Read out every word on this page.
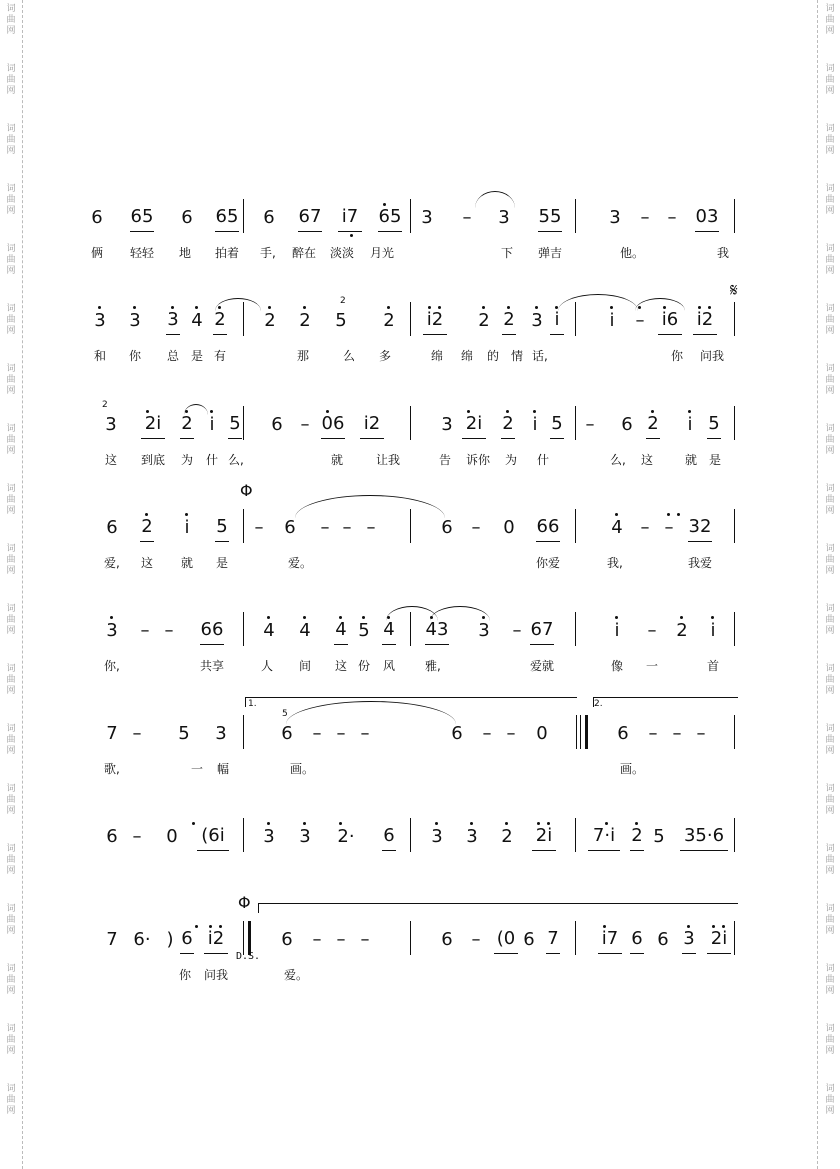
词
曲
网
词
曲
网
词
曲
网
词
曲
网
词
曲
网
词
曲
网
词
曲
网
词
曲
网
词
曲
网
词
曲
网
词
曲
网
词
曲
网
词
曲
网
词
曲
网
词
曲
网
词
曲
网
词
曲
网
词
曲
网
词
曲
网
词
曲
网
词
曲
网
词
曲
网
词
曲
网
词
曲
网
词
曲
网
词
曲
网
词
曲
网
词
曲
网
词
曲
网
词
曲
网
词
曲
网
词
曲
网
词
曲
网
词
曲
网
词
曲
网
词
曲
网
词
曲
网
词
曲
网
6 65 6 65 6 67 i7 65 3 – 3 55	3 – – 03
俩 轻轻 地 拍着 手, 醉在 淡淡 月光	下 弹吉	他。	我
3 3 3 4 2 2 2 5 2 i2 2 2 3 i	i – i6 i2
和 你 总 是 有	那	么 多	绵 绵 的 情 话,	你 问我
2	𝄋
3 2i 2 i 5 6 – 06 i2	3 2i 2 i 5 – 6 2 i 5
这 到底 为 什 么,	就	让我	告 诉你 为 什	么, 这	就 是
2
6 2 i 5 – 6 – – –	6 – 0 66	4 – – 32
爱, 这 就 是	爱。	你爱	我,	我爱
Φ
3 – – 66 4 4 4 5 4 43 3 – 67	i – 2 i
你,	共享	人 间 这 份 风	雅,	爱就	像 一	首
7 – 5 3	6 – – –	6 – – 0	6 – – –
歌,	一 幅	画。	画。
5
1.	2.
6 – 0 (6i 3 3 2· 6 3 3 2 2i 7·i 2 5 35·6
7 6· ) 6 i2	6 – – –	6 – (0 6 7 i7 6 6 3 2i
你 问我	爱。
Φ
D.S.
